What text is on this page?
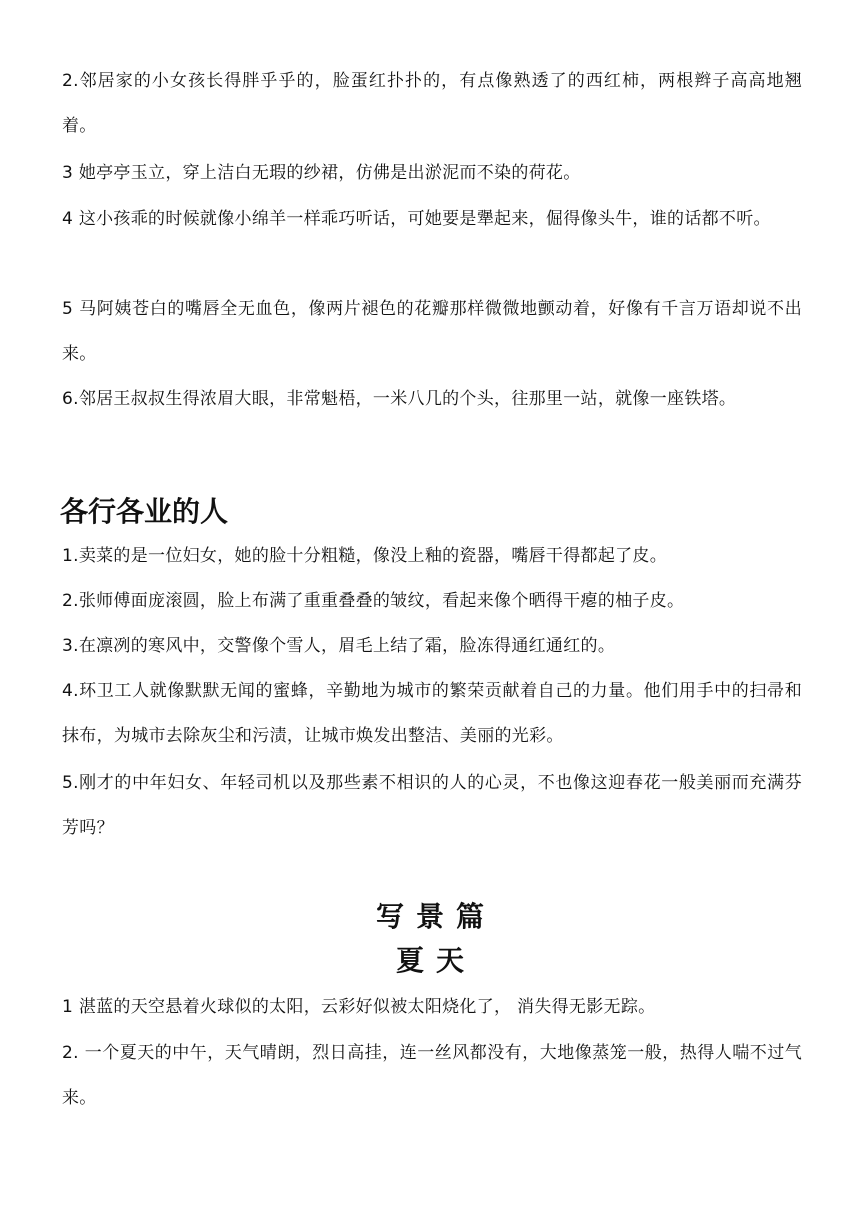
2.邻居家的小女孩长得胖乎乎的，脸蛋红扑扑的，有点像熟透了的西红柿，两根辫子高高地翘着。

3 她亭亭玉立，穿上洁白无瑕的纱裙，仿佛是出淤泥而不染的荷花。

4 这小孩乖的时候就像小绵羊一样乖巧听话，可她要是犟起来，倔得像头牛，谁的话都不听。

5 马阿姨苍白的嘴唇全无血色，像两片褪色的花瓣那样微微地颤动着，好像有千言万语却说不出来。

6.邻居王叔叔生得浓眉大眼，非常魁梧，一米八几的个头，往那里一站，就像一座铁塔。

各行各业的人

1.卖菜的是一位妇女，她的脸十分粗糙，像没上釉的瓷器，嘴唇干得都起了皮。

2.张师傅面庞滚圆，脸上布满了重重叠叠的皱纹，看起来像个晒得干瘪的柚子皮。

3.在凛冽的寒风中，交警像个雪人，眉毛上结了霜，脸冻得通红通红的。

4.环卫工人就像默默无闻的蜜蜂，辛勤地为城市的繁荣贡献着自己的力量。他们用手中的扫帚和抹布，为城市去除灰尘和污渍，让城市焕发出整洁、美丽的光彩。

5.刚才的中年妇女、年轻司机以及那些素不相识的人的心灵，不也像这迎春花一般美丽而充满芬芳吗？

写景篇
夏天

1 湛蓝的天空悬着火球似的太阳，云彩好似被太阳烧化了， 消失得无影无踪。

2. 一个夏天的中午，天气晴朗，烈日高挂，连一丝风都没有，大地像蒸笼一般，热得人喘不过气来。
